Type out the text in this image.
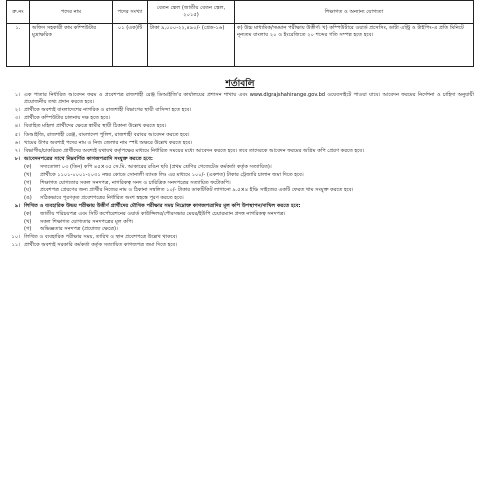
ক্র.নং	পদের নাম	পদের সংখ্যা	বেতন স্কেল (জাতীয় বেতন স্কেল, ২০১৫)	শিক্ষাগত ও অন্যান্য যোগ্যতা
১.	অফিস সহকারী কাম কম্পিউটার মুদ্রাক্ষরিক	০১ (এক)টি	টাকা ৯,০০০-২২,৪৯০/- (গ্রেড-১৬)	ক) উচ্চ মাধ্যমিক/সমমান পরীক্ষায় উত্তীর্ণ। খ) কম্পিউটারে ওয়ার্ড প্রসেসিং, ডাটা এন্ট্রি ও টাইপিং-এ প্রতি মিনিটে নূন্যতম বাংলায় ২০ ও ইংরেজিতে ২০ শব্দের গতি সম্পন্ন হতে হবে।
শর্তাবলি
১। এক পাতার নির্ধারিত আবেদন ফরম ও প্রবেশপত্র রাজশাহী রেঞ্জ ডিআইজি'র কার্যালয়ের প্রশাসন শাখায় এবং www.digrajshahirange.gov.bd ওয়েবসাইটে পাওয়া যাবে। আবেদন ফরমের নির্দেশনা ও চাহিদা অনুযায়ী প্রয়োজনীয় তথ্য প্রদান করতে হবে।
২। প্রার্থীকে অবশ্যই বাংলাদেশের নাগরিক ও রাজশাহী বিভাগের স্থায়ী বাসিন্দা হতে হবে।
৩। প্রার্থীকে কম্পিউটার চালনায় দক্ষ হতে হবে।
৪। বিবাহিত মহিলা প্রার্থীদের ক্ষেত্রে স্বামীর স্থায়ী ঠিকানা উল্লেখ করতে হবে।
৫। ডিআইজি, রাজশাহী রেঞ্জ, বাংলাদেশ পুলিশ, রাজশাহী বরাবর আবেদন করতে হবে।
৬। খামের উপর অবশ্যই পদের নাম ও নিজ জেলার নাম স্পষ্ট অক্ষরে উল্লেখ করতে হবে।
৭। বিভাগীয়/চাকরিরত প্রার্থীদের অবশ্যই যথাযথ কর্তৃপক্ষের মাধ্যমে নির্ধারিত সময়ের মধ্যে আবেদন করতে হবে। তবে তাদেরকে আবেদন ফরমের অগ্রিম কপি প্রেরণ করতে হবে।
৮। আবেদনপত্রের সাথে নিম্নবর্ণিত কাগজপত্রাদি সংযুক্ত করতে হবে:
(ক)	সদ্যতোলা ০৩ (তিন) কপি ৪৫×৩৫ সে.মি. আকারের রঙিন ছবি (প্রথম শ্রেণির গেজেটেড কর্মকর্তা কর্তৃক সত্যায়িত)।
(খ)	প্রার্থীকে ১১০১-০০০১-২০৩১ নম্বর কোডে সোনালী ব্যাংক লিঃ এর মাধ্যমে ১০০/- (একশত) টাকার ট্রেজারি চালান জমা দিতে হবে।
(গ)	শিক্ষাগত যোগ্যতার সকল সনদপত্র, নাগরিকত্ব সনদ ও চারিত্রিক সনদপত্রের সত্যায়িত ফটোকপি।
(ঘ)	প্রবেশপত্র প্রেরণের জন্য প্রার্থীর নিজের নাম ও ঠিকানা সম্বলিত ১০/- টাকার ডাকটিকিট লাগানো ৯.৫×৪ ইঞ্চি সাইজের একটি ফেরত খাম সংযুক্ত করতে হবে।
(ঙ)	সঠিকভাবে পূরণকৃত প্রবেশপত্রের নির্ধারিত অংশ স্বহস্তে পূরণ করতে হবে।
৯। লিখিত ও ব্যবহারিক উভয় পরীক্ষায় উত্তীর্ণ প্রার্থীদের মৌখিক পরীক্ষার সময় নিম্নোক্ত কাগজপত্রাদির মূল কপি উপস্থাপন/দাখিল করতে হবে:
(ক)	জাতীয় পরিচয়পত্র এবং সিটি কর্পোরেশনের ওয়ার্ড কাউন্সিলর/পৌরসভার মেয়র/ইউপি চেয়ারম্যান প্রদত্ত নাগরিকত্ব সনদপত্র।
(খ)	সকল শিক্ষাগত যোগ্যতার সনদপত্রের মূল কপি।
(গ)	অভিজ্ঞতার সনদপত্র (প্রযোজ্য ক্ষেত্রে)।
১০। লিখিত ও ব্যবহারিক পরীক্ষার সময়, তারিখ ও স্থান প্রবেশপত্রে উল্লেখ থাকবে।
১১। প্রার্থীকে অবশ্যই সরকারি কর্মকর্তা কর্তৃক সত্যায়িত কাগজপত্র জমা দিতে হবে।
